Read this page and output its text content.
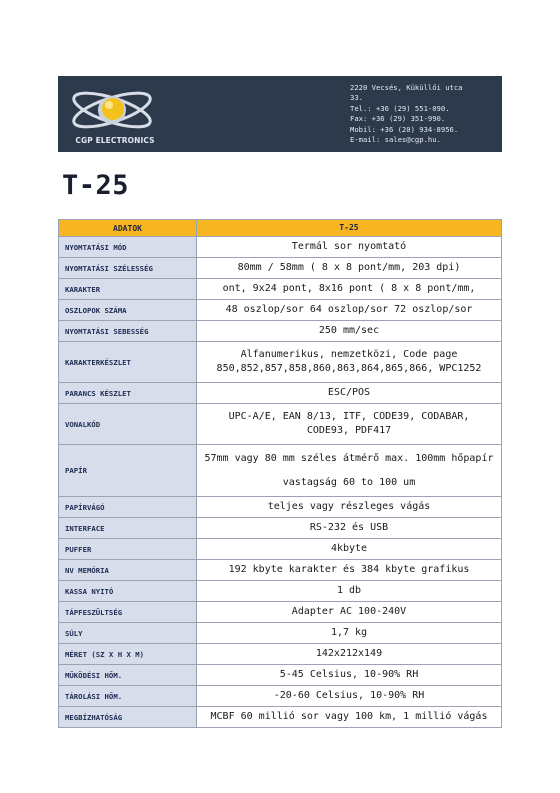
CGP ELECTRONICS
2220 Vecsés, Küküllői utca
33.
Tel.: +36 (29) 551-090.
Fax: +36 (29) 351-990.
Mobil: +36 (20) 934-8956.
E-mail: sales@cgp.hu.
T-25
ADATOK	T-25
NYOMTATÁSI MÓD	Termál sor nyomtató
NYOMTATÁSI SZÉLESSÉG	80mm / 58mm ( 8 x 8 pont/mm, 203 dpi)
KARAKTER	ont, 9x24 pont, 8x16 pont ( 8 x 8 pont/mm,
OSZLOPOK SZÁMA	48 oszlop/sor 64 oszlop/sor 72 oszlop/sor
NYOMTATÁSI SEBESSÉG	250 mm/sec
KARAKTERKÉSZLET	Alfanumerikus, nemzetközi, Code page
850,852,857,858,860,863,864,865,866, WPC1252

PARANCS KÉSZLET	ESC/POS
VONALKÓD	UPC-A/E, EAN 8/13, ITF, CODE39, CODABAR,
CODE93, PDF417

PAPÍR	57mm vagy 80 mm széles átmérő max. 100mm hőpapír
vastagság 60 to 100 um

PAPÍRVÁGÓ	teljes vagy részleges vágás
INTERFACE	RS-232 és USB
PUFFER	4kbyte
NV MEMÓRIA	192 kbyte karakter és 384 kbyte grafikus
KASSA NYITÓ	1 db
TÁPFESZÜLTSÉG	Adapter AC 100-240V
SÚLY	1,7 kg
MÉRET (SZ X H X M)	142x212x149
MŰKÖDÉSI HŐM.	5-45 Celsius, 10-90% RH
TÁROLÁSI HŐM.	-20-60 Celsius, 10-90% RH
MEGBÍZHATÓSÁG	MCBF 60 millió sor vagy 100 km, 1 millió vágás
